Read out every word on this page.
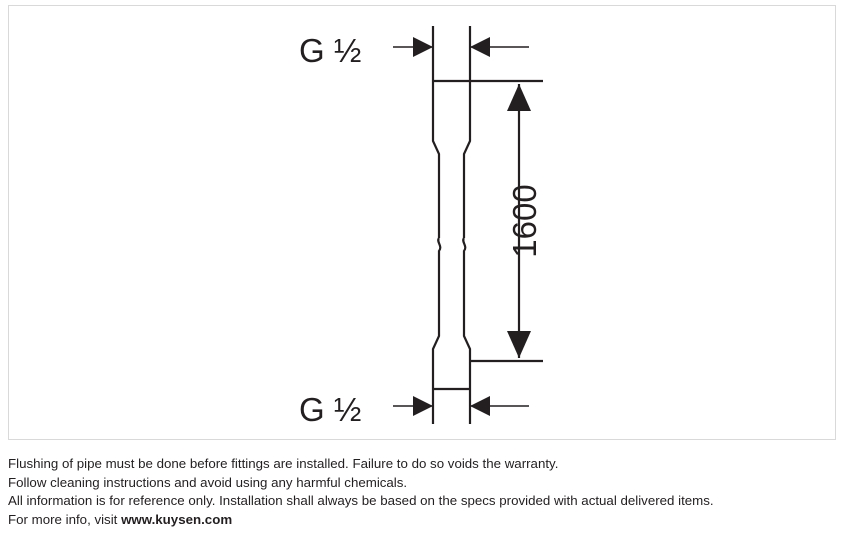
G ½
G ½
1600
Flushing of pipe must be done before fittings are installed. Failure to do so voids the warranty.
Follow cleaning instructions and avoid using any harmful chemicals.
All information is for reference only. Installation shall always be based on the specs provided with actual delivered items.
For more info, visit www.kuysen.com
